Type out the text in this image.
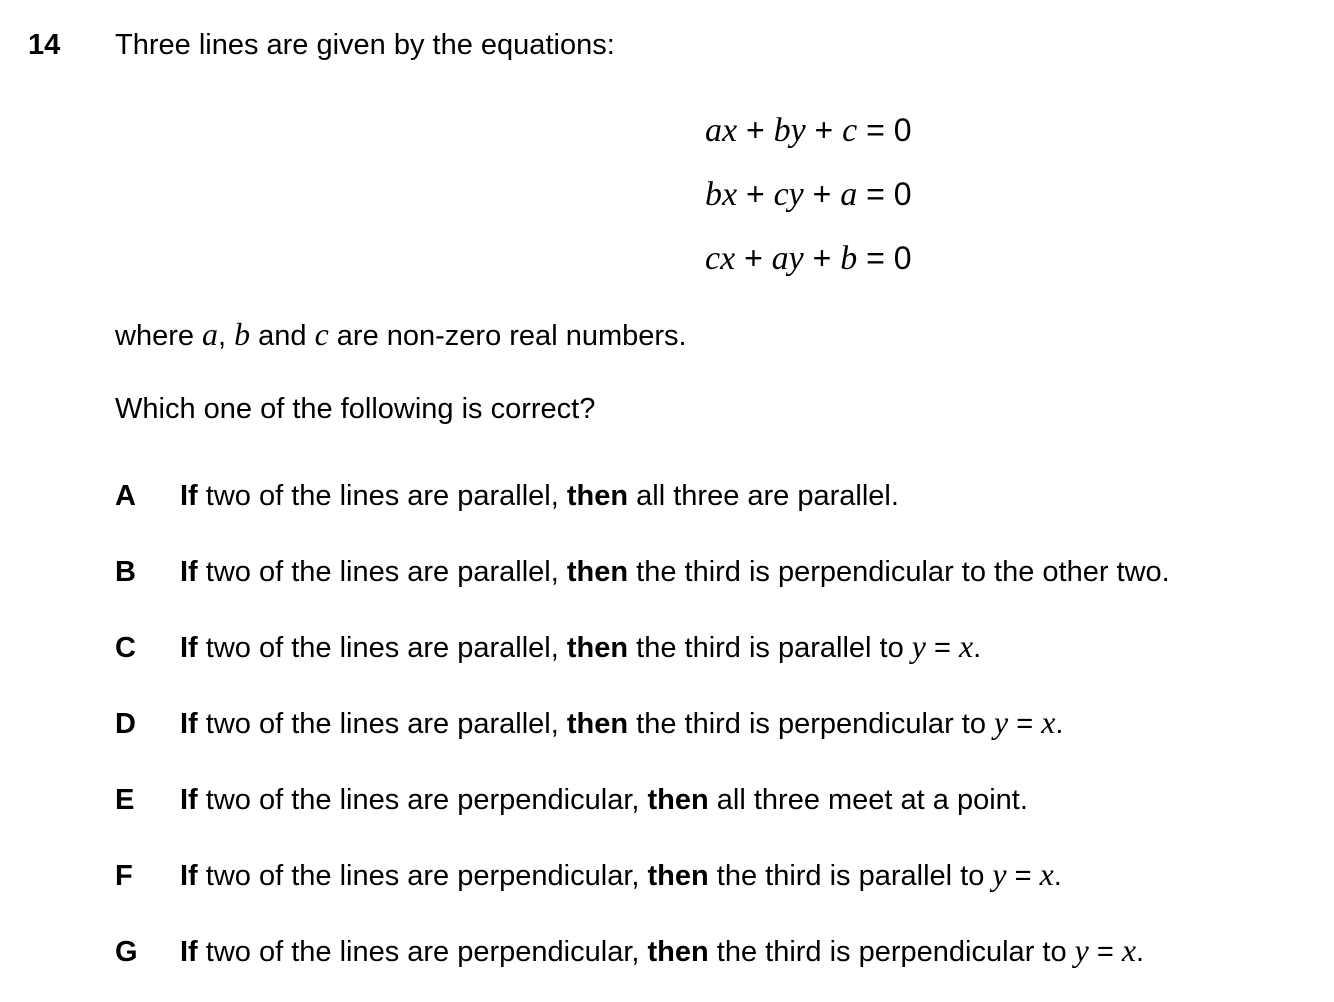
14 Three lines are given by the equations:
ax + by + c = 0
bx + cy + a = 0
cx + ay + b = 0
where a, b and c are non-zero real numbers.
Which one of the following is correct?
A If two of the lines are parallel, then all three are parallel.
B If two of the lines are parallel, then the third is perpendicular to the other two.
C If two of the lines are parallel, then the third is parallel to y = x.
D If two of the lines are parallel, then the third is perpendicular to y = x.
E If two of the lines are perpendicular, then all three meet at a point.
F If two of the lines are perpendicular, then the third is parallel to y = x.
G If two of the lines are perpendicular, then the third is perpendicular to y = x.
